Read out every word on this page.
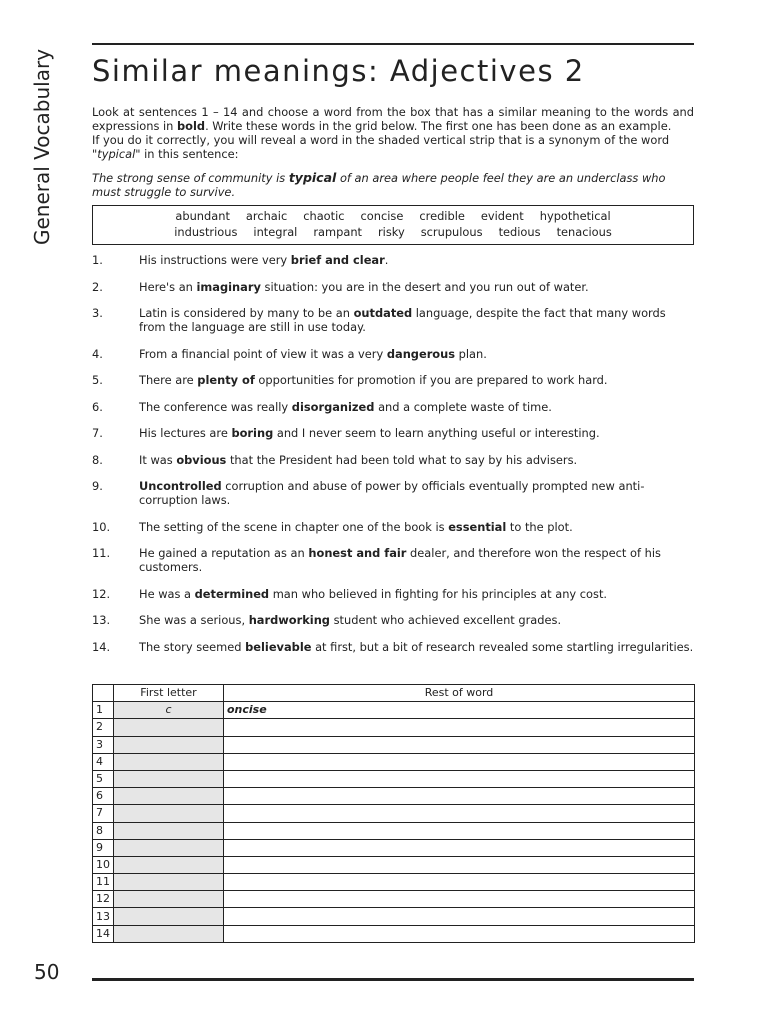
General Vocabulary
50
Similar meanings: Adjectives 2

Look at sentences 1 – 14 and choose a word from the box that has a similar meaning to the words and expressions in bold. Write these words in the grid below. The first one has been done as an example.

If you do it correctly, you will reveal a word in the shaded vertical strip that is a synonym of the word "typical" in this sentence:

The strong sense of community is typical of an area where people feel they are an underclass who must struggle to survive.

abundant archaic chaotic concise credible evident hypothetical
industrious integral rampant risky scrupulous tedious tenacious
1.	His instructions were very brief and clear.
2.	Here's an imaginary situation: you are in the desert and you run out of water.
3.	Latin is considered by many to be an outdated language, despite the fact that many words from the language are still in use today.
4.	From a financial point of view it was a very dangerous plan.
5.	There are plenty of opportunities for promotion if you are prepared to work hard.
6.	The conference was really disorganized and a complete waste of time.
7.	His lectures are boring and I never seem to learn anything useful or interesting.
8.	It was obvious that the President had been told what to say by his advisers.
9.	Uncontrolled corruption and abuse of power by officials eventually prompted new anti-corruption laws.
10.	The setting of the scene in chapter one of the book is essential to the plot.
11.	He gained a reputation as an honest and fair dealer, and therefore won the respect of his customers.
12.	He was a determined man who believed in fighting for his principles at any cost.
13.	She was a serious, hardworking student who achieved excellent grades.
14.	The story seemed believable at first, but a bit of research revealed some startling irregularities.
	First letter	Rest of word
1	c	oncise
2		
3		
4		
5		
6		
7		
8		
9		
10		
11		
12		
13		
14		
